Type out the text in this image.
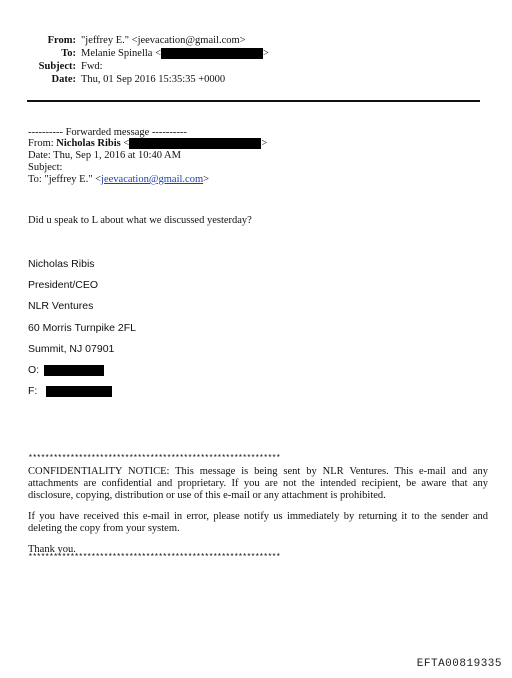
From: "jeffrey E." <jeevacation@gmail.com>
To: Melanie Spinella <	>
Subject: Fwd:
Date: Thu, 01 Sep 2016 15:35:35 +0000
---------- Forwarded message ----------
From: Nicholas Ribis <	>
Date: Thu, Sep 1, 2016 at 10:40 AM
Subject:
To: "jeffrey E." <jeevacation@gmail.com>
Did u speak to L about what we discussed yesterday?
Nicholas Ribis
President/CEO
NLR Ventures
60 Morris Turnpike 2FL
Summit, NJ 07901
O:
F:
************************************************************
CONFIDENTIALITY NOTICE: This message is being sent by NLR Ventures. This e-mail and any attachments are confidential and proprietary. If you are not the intended recipient, be aware that any disclosure, copying, distribution or use of this e-mail or any attachment is prohibited.
If you have received this e-mail in error, please notify us immediately by returning it to the sender and deleting the copy from your system.
Thank you.
************************************************************
EFTA00819335
